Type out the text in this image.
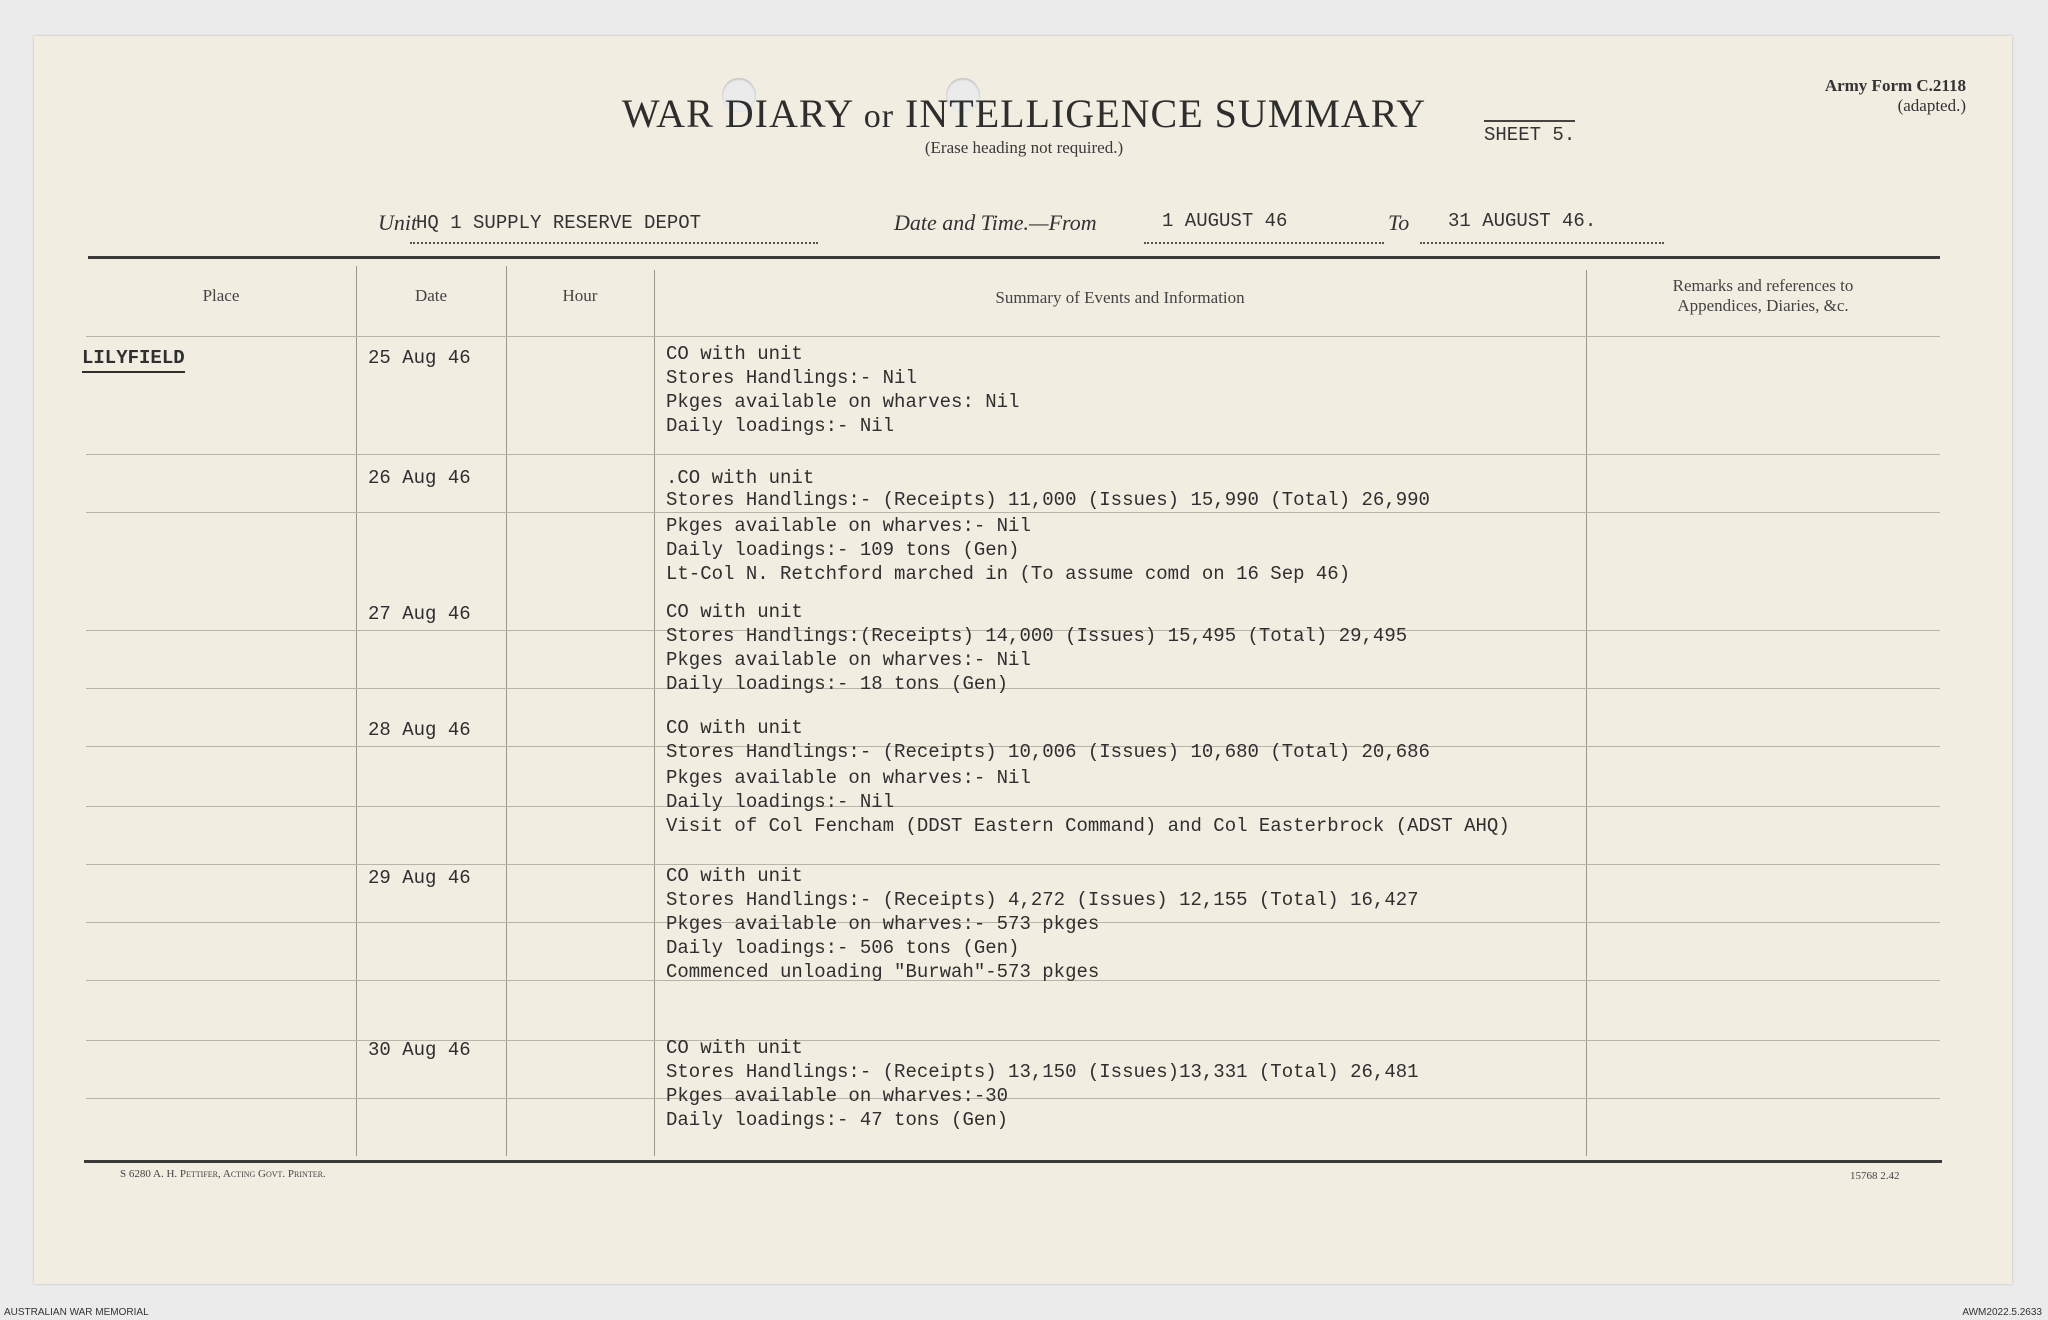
WAR DIARY or INTELLIGENCE SUMMARY
(Erase heading not required.)
SHEET 5.
Army Form C.2118
(adapted.)
Unit
HQ 1 SUPPLY RESERVE DEPOT	Date and Time.—From	1 AUGUST 46	To	31 AUGUST 46.
Place	Date	Hour	Summary of Events and Information
Remarks and references to
Appendices, Diaries, &c.
LILYFIELD	25 Aug 46	CO with unit
Stores Handlings:- Nil
Pkges available on wharves: Nil
Daily loadings:- Nil
26 Aug 46	.CO with unit
Stores Handlings:- (Receipts) 11,000 (Issues) 15,990 (Total) 26,990
Pkges available on wharves:- Nil
Daily loadings:- 109 tons (Gen)
Lt-Col N. Retchford marched in (To assume comd on 16 Sep 46)
27 Aug 46	CO with unit
Stores Handlings:(Receipts) 14,000 (Issues) 15,495 (Total) 29,495
Pkges available on wharves:- Nil
Daily loadings:- 18 tons (Gen)
28 Aug 46	CO with unit
Stores Handlings:- (Receipts) 10,006 (Issues) 10,680 (Total) 20,686
Pkges available on wharves:- Nil
Daily loadings:- Nil
Visit of Col Fencham (DDST Eastern Command) and Col Easterbrock (ADST AHQ)
29 Aug 46	CO with unit
Stores Handlings:- (Receipts) 4,272 (Issues) 12,155 (Total) 16,427
Pkges available on wharves:- 573 pkges
Daily loadings:- 506 tons (Gen)
Commenced unloading "Burwah"-573 pkges
30 Aug 46	CO with unit
Stores Handlings:- (Receipts) 13,150 (Issues)13,331 (Total) 26,481
Pkges available on wharves:-30
Daily loadings:- 47 tons (Gen)
S 6280 A. H. Pettifer, Acting Govt. Printer.	15768 2.42
AUSTRALIAN WAR MEMORIAL	AWM2022.5.2633
